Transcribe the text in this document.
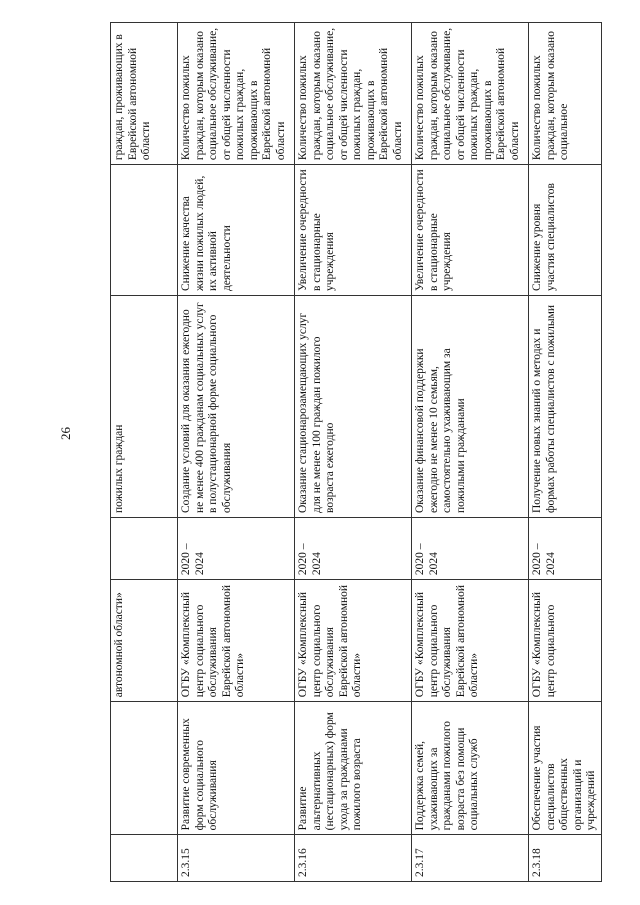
26
		автономной области»		пожилых граждан		граждан, проживающих в Еврейской автономной области
2.3.15	Развитие современных форм социального обслуживания	ОГБУ «Комплексный центр социального обслуживания Еврейской автономной области»	2020 – 2024	Создание условий для оказания ежегодно не менее 400 гражданам социальных услуг в полустационарной форме социального обслуживания	Снижение качества жизни пожилых людей, их активной деятельности	Количество пожилых граждан, которым оказано социальное обслуживание, от общей численности пожилых граждан, проживающих в Еврейской автономной области
2.3.16	Развитие альтернативных (нестационарных) форм ухода за гражданами пожилого возраста	ОГБУ «Комплексный центр социального обслуживания Еврейской автономной области»	2020 – 2024	Оказание стационарозамещающих услуг для не менее 100 граждан пожилого возраста ежегодно	Увеличение очередности в стационарные учреждения	Количество пожилых граждан, которым оказано социальное обслуживание, от общей численности пожилых граждан, проживающих в Еврейской автономной области
2.3.17	Поддержка семей, ухаживающих за гражданами пожилого возраста без помощи социальных служб	ОГБУ «Комплексный центр социального обслуживания Еврейской автономной области»	2020 – 2024	Оказание финансовой поддержки ежегодно не менее 10 семьям, самостоятельно ухаживающим за пожилыми гражданами	Увеличение очередности в стационарные учреждения	Количество пожилых граждан, которым оказано социальное обслуживание, от общей численности пожилых граждан, проживающих в Еврейской автономной области
2.3.18	Обеспечение участия специалистов общественных организаций и учреждений	ОГБУ «Комплексный центр социального	2020 – 2024	Получение новых знаний о методах и формах работы специалистов с пожилыми	Снижение уровня участия специалистов	Количество пожилых граждан, которым оказано социальное
